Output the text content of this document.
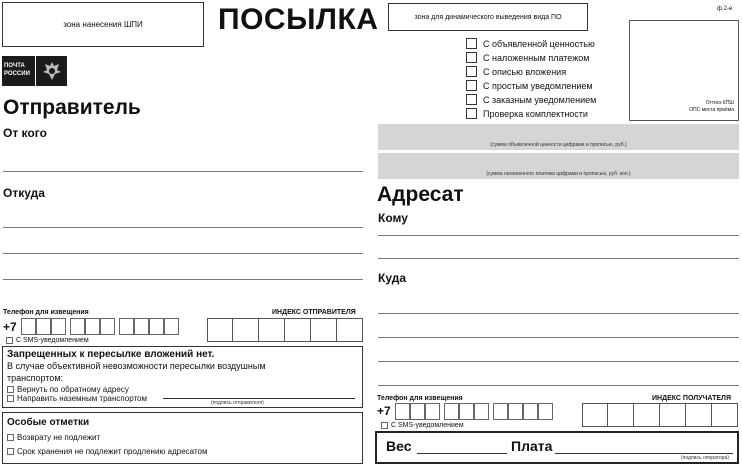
зона нанесения ШПИ	ПОСЫЛКА	зона для динамического выведения вида ПО
ф.2-е
ПОЧТА
РОССИИ
С объявленной ценностью
С наложенным платежом
С описью вложения
С простым уведомлением
С заказным уведомлением
Проверка комплектности
Оттиск КПШ
ОПС места приёма
(сумма объявленной ценности цифрами и прописью, руб.)
(сумма наложенного платежа цифрами и прописью, руб. коп.)
Отправитель
От кого
Откуда
Телефон для извещения	ИНДЕКС ОТПРАВИТЕЛЯ
+7
C SMS-уведомлением
Запрещенных к пересылке вложений нет.
В случае объективной невозможности пересылки воздушным
транспортом:
Вернуть по обратному адресу
Направить наземным транспортом	(подпись отправителя)
Особые отметки
Возврату не подлежит
Срок хранения не подлежит продлению адресатом
Адресат
Кому
Куда
Телефон для извещения	ИНДЕКС ПОЛУЧАТЕЛЯ
+7
C SMS-уведомлением
Вес	Плата
(подпись оператора)
